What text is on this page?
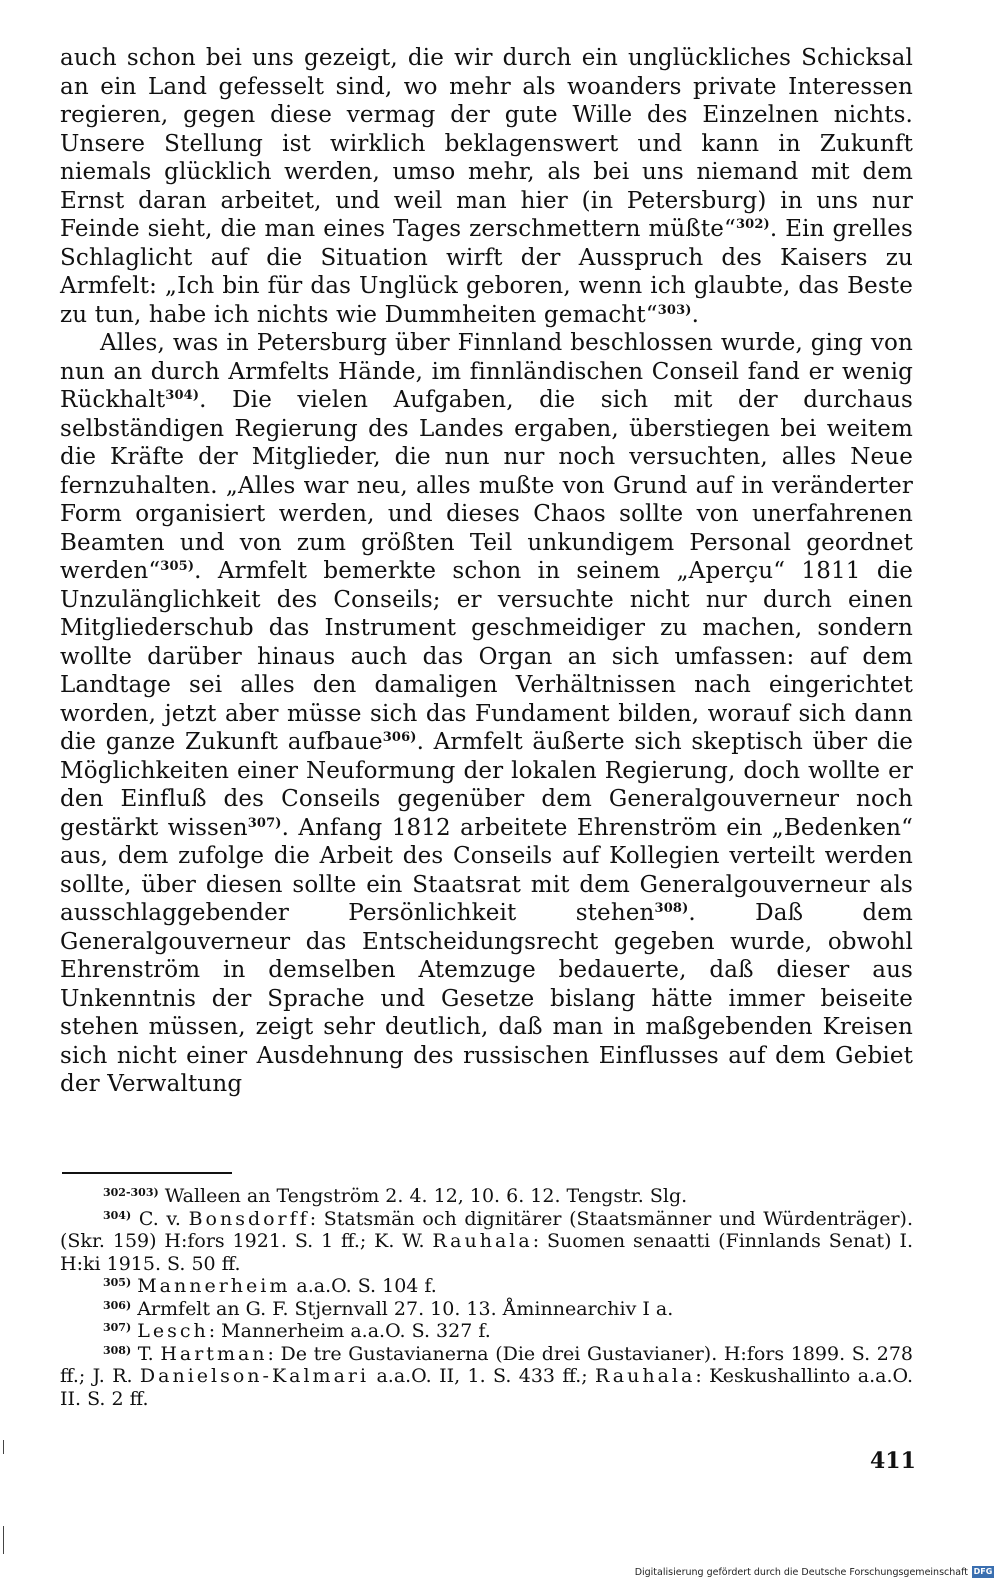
auch schon bei uns gezeigt, die wir durch ein unglückliches Schicksal an ein Land gefesselt sind, wo mehr als woanders private Interessen regieren, gegen diese vermag der gute Wille des Einzelnen nichts. Unsere Stellung ist wirklich beklagenswert und kann in Zukunft niemals glücklich werden, umso mehr, als bei uns niemand mit dem Ernst daran arbeitet, und weil man hier (in Petersburg) in uns nur Feinde sieht, die man eines Tages zerschmettern müßte“$^{302)}$. Ein grelles Schlaglicht auf die Situation wirft der Ausspruch des Kaisers zu Armfelt: „Ich bin für das Unglück geboren, wenn ich glaubte, das Beste zu tun, habe ich nichts wie Dummheiten gemacht“$^{303)}$.

Alles, was in Petersburg über Finnland beschlossen wurde, ging von nun an durch Armfelts Hände, im finnländischen Conseil fand er wenig Rückhalt$^{304)}$. Die vielen Aufgaben, die sich mit der durchaus selbständigen Regierung des Landes ergaben, überstiegen bei weitem die Kräfte der Mitglieder, die nun nur noch versuchten, alles Neue fernzuhalten. „Alles war neu, alles mußte von Grund auf in veränderter Form organisiert werden, und dieses Chaos sollte von unerfahrenen Beamten und von zum größten Teil unkundigem Personal geordnet werden“$^{305)}$. Armfelt bemerkte schon in seinem „Aperçu“ 1811 die Unzulänglichkeit des Conseils; er versuchte nicht nur durch einen Mitgliederschub das Instrument geschmeidiger zu machen, sondern wollte darüber hinaus auch das Organ an sich umfassen: auf dem Landtage sei alles den damaligen Verhältnissen nach eingerichtet worden, jetzt aber müsse sich das Fundament bilden, worauf sich dann die ganze Zukunft aufbaue$^{306)}$. Armfelt äußerte sich skeptisch über die Möglichkeiten einer Neuformung der lokalen Regierung, doch wollte er den Einfluß des Conseils gegenüber dem Generalgouverneur noch gestärkt wissen$^{307)}$. Anfang 1812 arbeitete Ehrenström ein „Bedenken“ aus, dem zufolge die Arbeit des Conseils auf Kollegien verteilt werden sollte, über diesen sollte ein Staatsrat mit dem Generalgouverneur als ausschlaggebender Persönlichkeit stehen$^{308)}$. Daß dem Generalgouverneur das Entscheidungsrecht gegeben wurde, obwohl Ehrenström in demselben Atemzuge bedauerte, daß dieser aus Unkenntnis der Sprache und Gesetze bislang hätte immer beiseite stehen müssen, zeigt sehr deutlich, daß man in maßgebenden Kreisen sich nicht einer Ausdehnung des russischen Einflusses auf dem Gebiet der Verwaltung

$^{302-303)}$ Walleen an Tengström 2. 4. 12, 10. 6. 12. Tengstr. Slg.

$^{304)}$ C. v. Bonsdorff: Statsmän och dignitärer (Staatsmänner und Würdenträger). (Skr. 159) H:fors 1921. S. 1 ff.; K. W. Rauhala: Suomen senaatti (Finnlands Senat) I. H:ki 1915. S. 50 ff.

$^{305)}$ Mannerheim a.a.O. S. 104 f.

$^{306)}$ Armfelt an G. F. Stjernvall 27. 10. 13. Åminnearchiv I a.

$^{307)}$ Lesch: Mannerheim a.a.O. S. 327 f.

$^{308)}$ T. Hartman: De tre Gustavianerna (Die drei Gustavianer). H:fors 1899. S. 278 ff.; J. R. Danielson-Kalmari a.a.O. II, 1. S. 433 ff.; Rauhala: Keskushallinto a.a.O. II. S. 2 ff.

411
Digitalisierung gefördert durch die Deutsche Forschungsgemeinschaft DFG
